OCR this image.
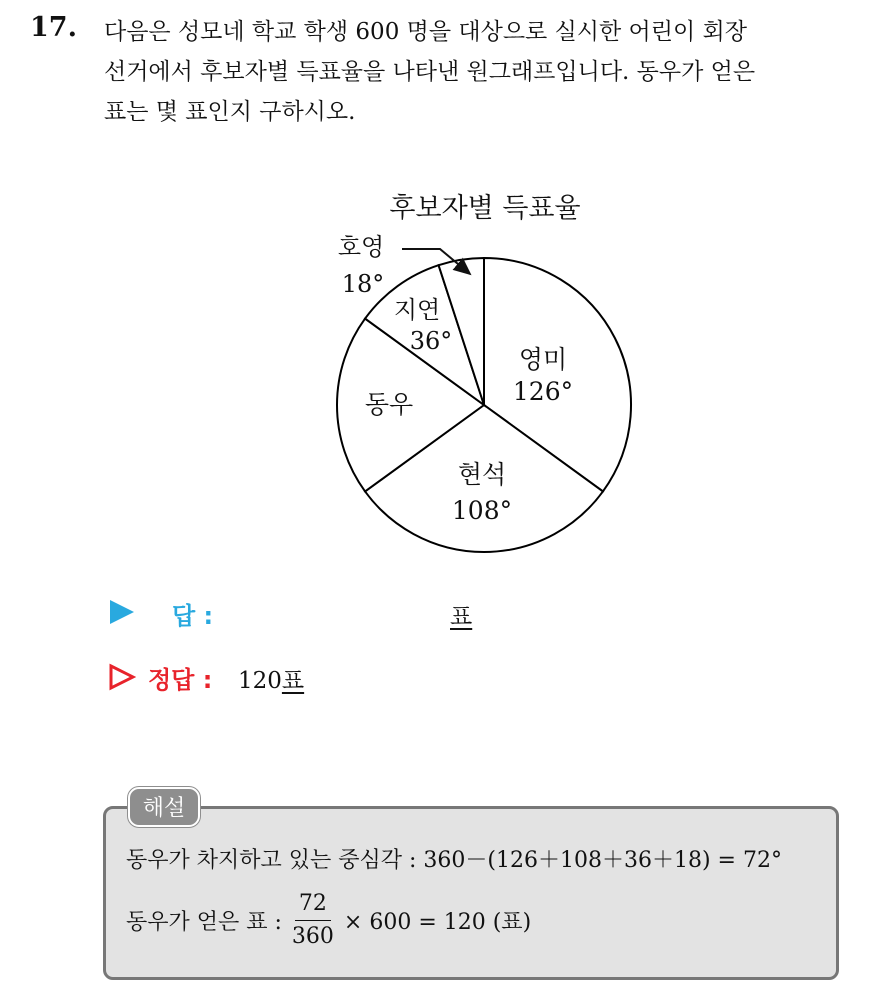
17. 다음은 성모네 학교 학생 600 명을 대상으로 실시한 어린이 회장
선거에서 후보자별 득표율을 나타낸 원그래프입니다. 동우가 얻은
표는 몇 표인지 구하시오.

후보자별 득표율
영미
126°
현석
108°
동우
지연
36°
호영
18°
답 :	표
정답 : 120표
해설
동우가 차지하고 있는 중심각 : 360－(126＋108＋36＋18) = 72°
동우가 얻은 표 : $\frac{72}{360} \times 600 = 120$ (표)
